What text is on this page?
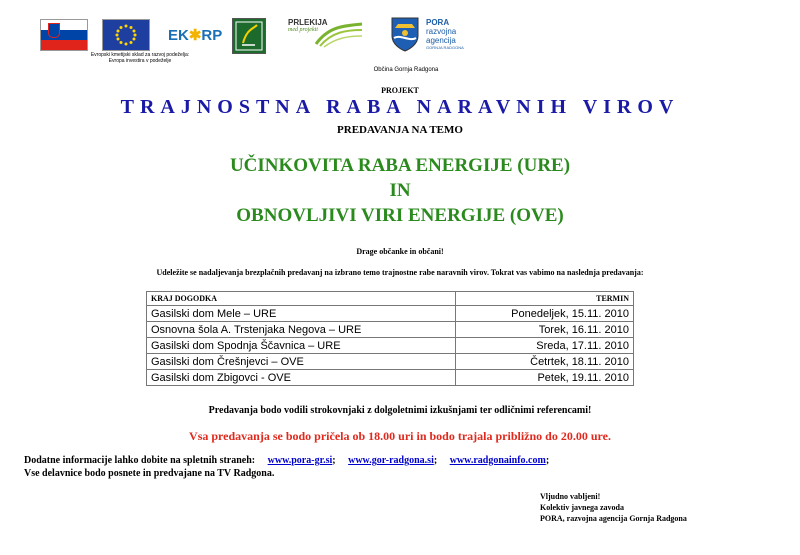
Evropski kmetijski sklad za razvoj podeželja:
Evropa investira v podeželje
EK✱RP
PRLEKIJA
med projekti
PORA
razvojna
agencija
GORNJA RADGONA
Občina Gornja Radgona
PROJEKT
TRAJNOSTNA RABA NARAVNIH VIROV
PREDAVANJA NA TEMO
UČINKOVITA RABA ENERGIJE (URE)
IN
OBNOVLJIVI VIRI ENERGIJE (OVE)
Drage občanke in občani!
Udeležite se nadaljevanja brezplačnih predavanj na izbrano temo trajnostne rabe naravnih virov. Tokrat vas vabimo na naslednja predavanja:
KRAJ DOGODKA	TERMIN
Gasilski dom Mele – URE	Ponedeljek, 15.11. 2010
Osnovna šola A. Trstenjaka Negova – URE	Torek, 16.11. 2010
Gasilski dom Spodnja Ščavnica – URE	Sreda, 17.11. 2010
Gasilski dom Črešnjevci – OVE	Četrtek, 18.11. 2010
Gasilski dom Zbigovci - OVE	Petek, 19.11. 2010
Predavanja bodo vodili strokovnjaki z dolgoletnimi izkušnjami ter odličnimi referencami!
Vsa predavanja se bodo pričela ob 18.00 uri in bodo trajala približno do 20.00 ure.
Dodatne informacije lahko dobite na spletnih straneh: www.pora-gr.si; www.gor-radgona.si; www.radgonainfo.com;
Vse delavnice bodo posnete in predvajane na TV Radgona.
Vljudno vabljeni!
Kolektiv javnega zavoda
PORA, razvojna agencija Gornja Radgona
